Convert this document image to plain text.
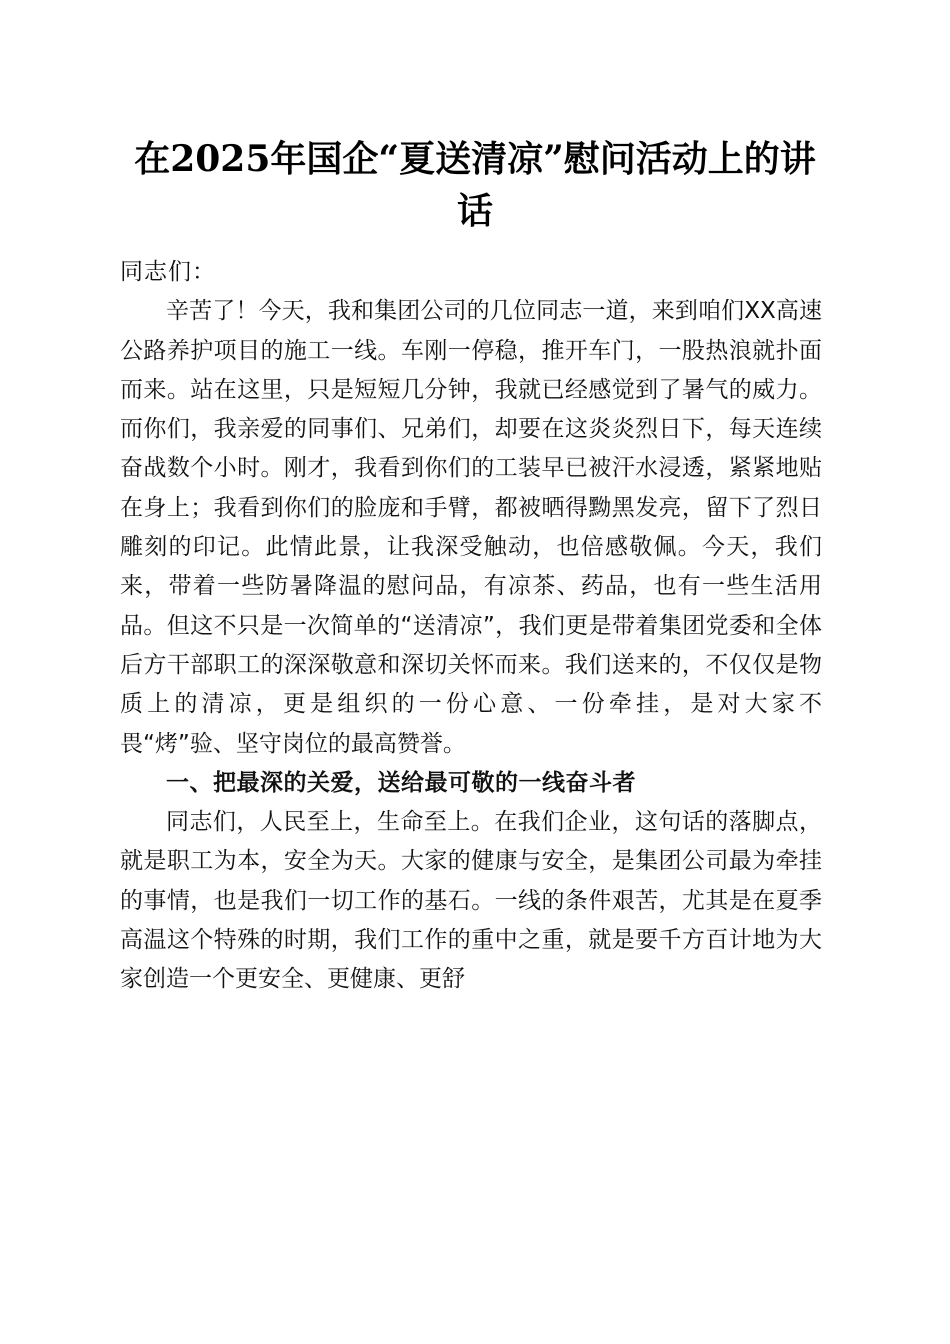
在2025年国企“夏送清凉”慰问活动上的讲话

同志们：

辛苦了！今天，我和集团公司的几位同志一道，来到咱们XX高速公路养护项目的施工一线。车刚一停稳，推开车门，一股热浪就扑面而来。站在这里，只是短短几分钟，我就已经感觉到了暑气的威力。而你们，我亲爱的同事们、兄弟们，却要在这炎炎烈日下，每天连续奋战数个小时。刚才，我看到你们的工装早已被汗水浸透，紧紧地贴在身上；我看到你们的脸庞和手臂，都被晒得黝黑发亮，留下了烈日雕刻的印记。此情此景，让我深受触动，也倍感敬佩。今天，我们来，带着一些防暑降温的慰问品，有凉茶、药品，也有一些生活用品。但这不只是一次简单的“送清凉”，我们更是带着集团党委和全体后方干部职工的深深敬意和深切关怀而来。我们送来的，不仅仅是物质上的清凉，更是组织的一份心意、一份牵挂，是对大家不畏“烤”验、坚守岗位的最高赞誉。

一、把最深的关爱，送给最可敬的一线奋斗者

同志们，人民至上，生命至上。在我们企业，这句话的落脚点，就是职工为本，安全为天。大家的健康与安全，是集团公司最为牵挂的事情，也是我们一切工作的基石。一线的条件艰苦，尤其是在夏季高温这个特殊的时期，我们工作的重中之重，就是要千方百计地为大家创造一个更安全、更健康、更舒
